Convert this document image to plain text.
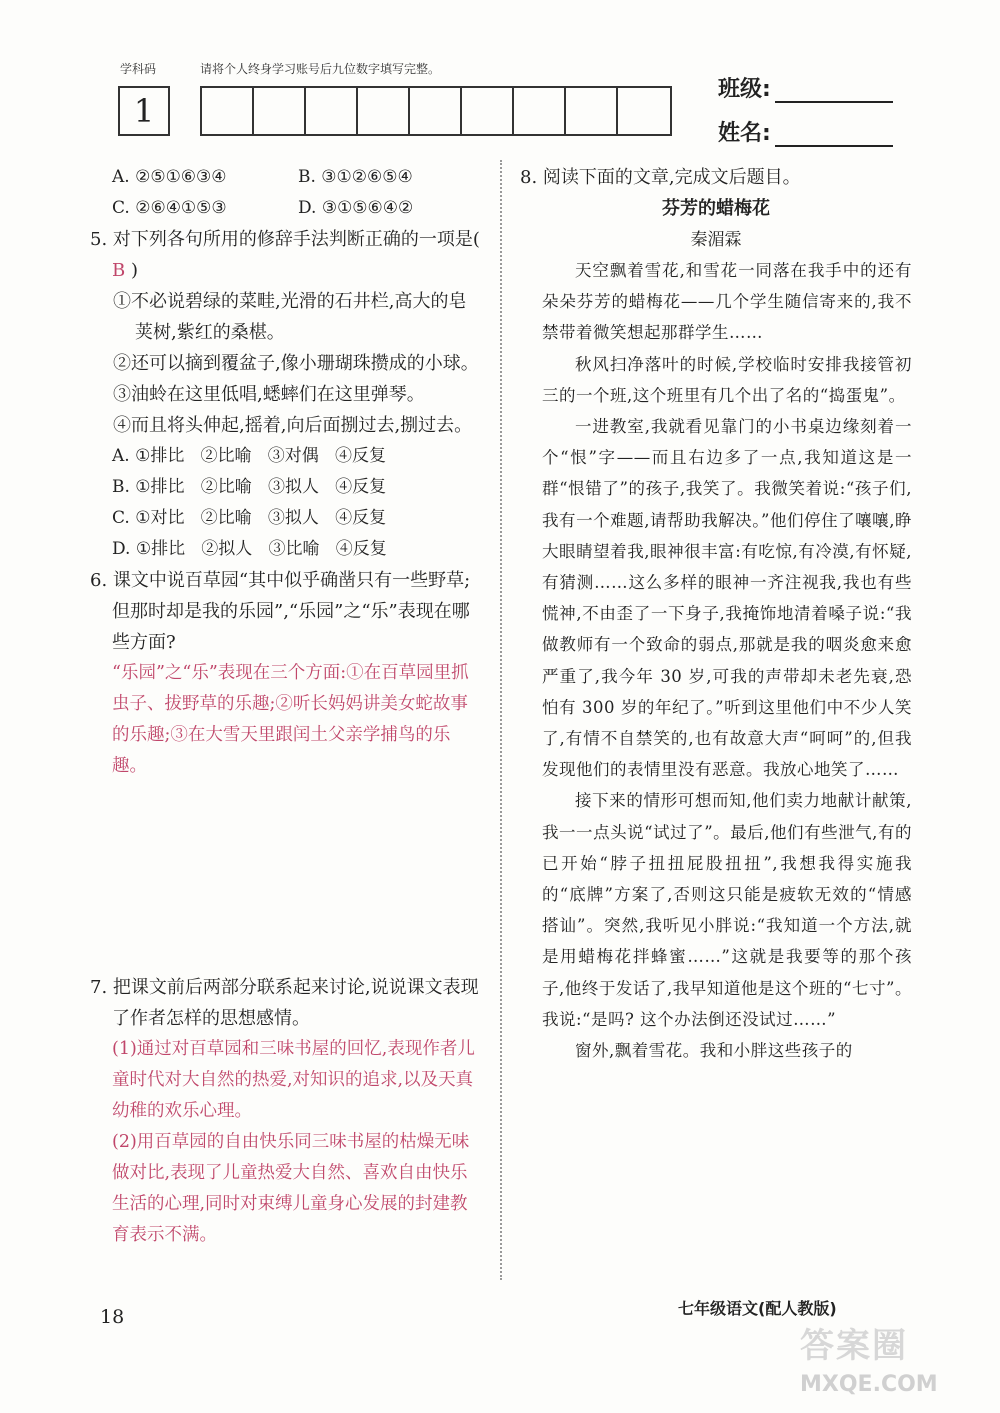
学科码	请将个人终身学习账号后九位数字填写完整。
1
班级:
姓名:
A. ②⑤①⑥③④	B. ③①②⑥⑤④
C. ②⑥④①⑤③	D. ③①⑤⑥④②

5. 对下列各句所用的修辞手法判断正确的一项是( B )

①不必说碧绿的菜畦,光滑的石井栏,高大的皂荚树,紫红的桑椹。
②还可以摘到覆盆子,像小珊瑚珠攒成的小球。
③油蛉在这里低唱,蟋蟀们在这里弹琴。
④而且将头伸起,摇着,向后面捌过去,捌过去。
A. ①排比   ②比喻   ③对偶   ④反复
B. ①排比   ②比喻   ③拟人   ④反复
C. ①对比   ②比喻   ③拟人   ④反复
D. ①排比   ②拟人   ③比喻   ④反复

6. 课文中说百草园“其中似乎确凿只有一些野草;但那时却是我的乐园”,“乐园”之“乐”表现在哪些方面?

“乐园”之“乐”表现在三个方面:①在百草园里抓虫子、拔野草的乐趣;②听长妈妈讲美女蛇故事的乐趣;③在大雪天里跟闰土父亲学捕鸟的乐趣。

7. 把课文前后两部分联系起来讨论,说说课文表现了作者怎样的思想感情。

(1)通过对百草园和三味书屋的回忆,表现作者儿童时代对大自然的热爱,对知识的追求,以及天真幼稚的欢乐心理。
(2)用百草园的自由快乐同三味书屋的枯燥无味做对比,表现了儿童热爱大自然、喜欢自由快乐生活的心理,同时对束缚儿童身心发展的封建教育表示不满。

8. 阅读下面的文章,完成文后题目。

芬芳的蜡梅花
秦湄霖

天空飘着雪花,和雪花一同落在我手中的还有朵朵芬芳的蜡梅花——几个学生随信寄来的,我不禁带着微笑想起那群学生……

秋风扫净落叶的时候,学校临时安排我接管初三的一个班,这个班里有几个出了名的“捣蛋鬼”。

一进教室,我就看见靠门的小书桌边缘刻着一个“恨”字——而且右边多了一点,我知道这是一群“恨错了”的孩子,我笑了。我微笑着说:“孩子们,我有一个难题,请帮助我解决。”他们停住了嚷嚷,睁大眼睛望着我,眼神很丰富:有吃惊,有冷漠,有怀疑,有猜测……这么多样的眼神一齐注视我,我也有些慌神,不由歪了一下身子,我掩饰地清着嗓子说:“我做教师有一个致命的弱点,那就是我的咽炎愈来愈严重了,我今年 30 岁,可我的声带却未老先衰,恐怕有 300 岁的年纪了。”听到这里他们中不少人笑了,有情不自禁笑的,也有故意大声“呵呵”的,但我发现他们的表情里没有恶意。我放心地笑了……

接下来的情形可想而知,他们卖力地献计献策,我一一点头说“试过了”。最后,他们有些泄气,有的已开始“脖子扭扭屁股扭扭”,我想我得实施我的“底牌”方案了,否则这只能是疲软无效的“情感搭讪”。突然,我听见小胖说:“我知道一个方法,就是用蜡梅花拌蜂蜜……”这就是我要等的那个孩子,他终于发话了,我早知道他是这个班的“七寸”。我说:“是吗? 这个办法倒还没试过……”

窗外,飘着雪花。我和小胖这些孩子的

18	七年级语文(配人教版)
答案圈
MXQE.COM
